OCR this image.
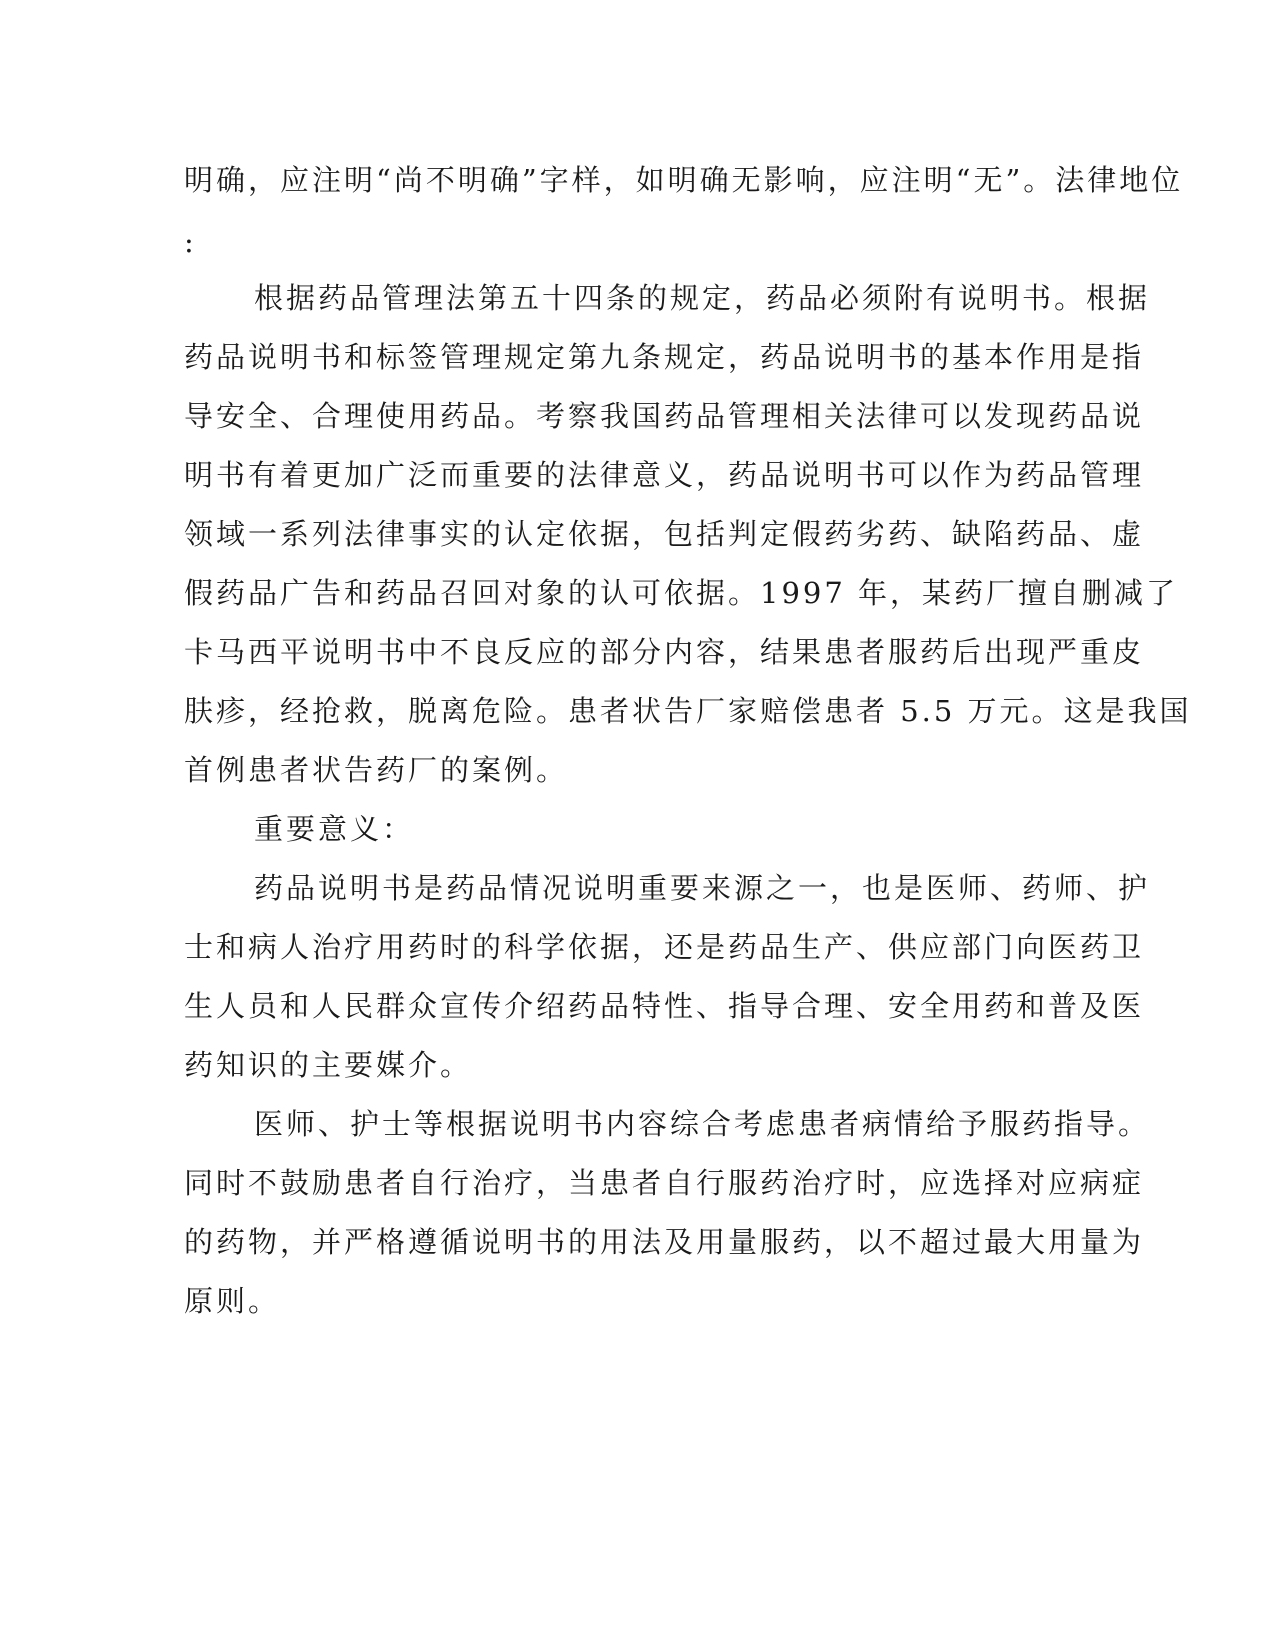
明确，应注明“尚不明确”字样，如明确无影响，应注明“无”。法律地位
:
根据药品管理法第五十四条的规定，药品必须附有说明书。根据
药品说明书和标签管理规定第九条规定，药品说明书的基本作用是指
导安全、合理使用药品。考察我国药品管理相关法律可以发现药品说
明书有着更加广泛而重要的法律意义，药品说明书可以作为药品管理
领域一系列法律事实的认定依据，包括判定假药劣药、缺陷药品、虚
假药品广告和药品召回对象的认可依据。1997 年，某药厂擅自删减了
卡马西平说明书中不良反应的部分内容，结果患者服药后出现严重皮
肤疹，经抢救，脱离危险。患者状告厂家赔偿患者 5.5 万元。这是我国
首例患者状告药厂的案例。
重要意义：
药品说明书是药品情况说明重要来源之一，也是医师、药师、护
士和病人治疗用药时的科学依据，还是药品生产、供应部门向医药卫
生人员和人民群众宣传介绍药品特性、指导合理、安全用药和普及医
药知识的主要媒介。
医师、护士等根据说明书内容综合考虑患者病情给予服药指导。
同时不鼓励患者自行治疗，当患者自行服药治疗时，应选择对应病症
的药物，并严格遵循说明书的用法及用量服药，以不超过最大用量为
原则。
